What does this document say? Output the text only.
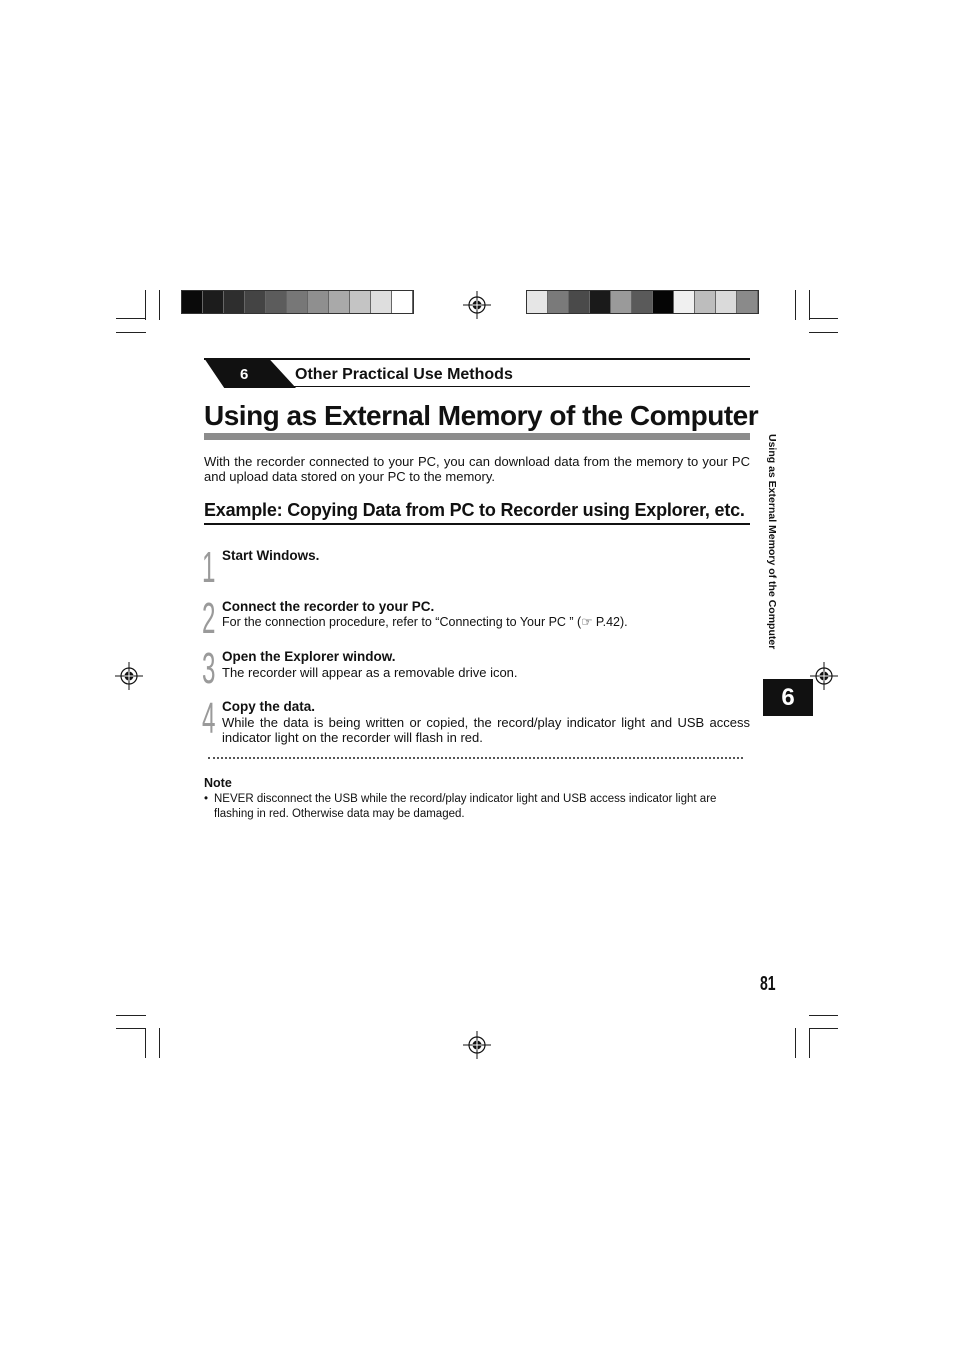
6	Other Practical Use Methods
Using as External Memory of the Computer

With the recorder connected to your PC, you can download data from the memory to your PC and upload data stored on your PC to the memory.

Example: Copying Data from PC to Recorder using Explorer, etc.
1 Start Windows.
2 Connect the recorder to your PC.
For the connection procedure, refer to “Connecting to Your PC ” (☞ P.42).
3 Open the Explorer window.
The recorder will appear as a removable drive icon.
4 Copy the data.
While the data is being written or copied, the record/play indicator light and USB access indicator light on the recorder will flash in red.
Note
• NEVER disconnect the USB while the record/play indicator light and USB access indicator light are flashing in red. Otherwise data may be damaged.
Using as External Memory of the Computer
6
81
